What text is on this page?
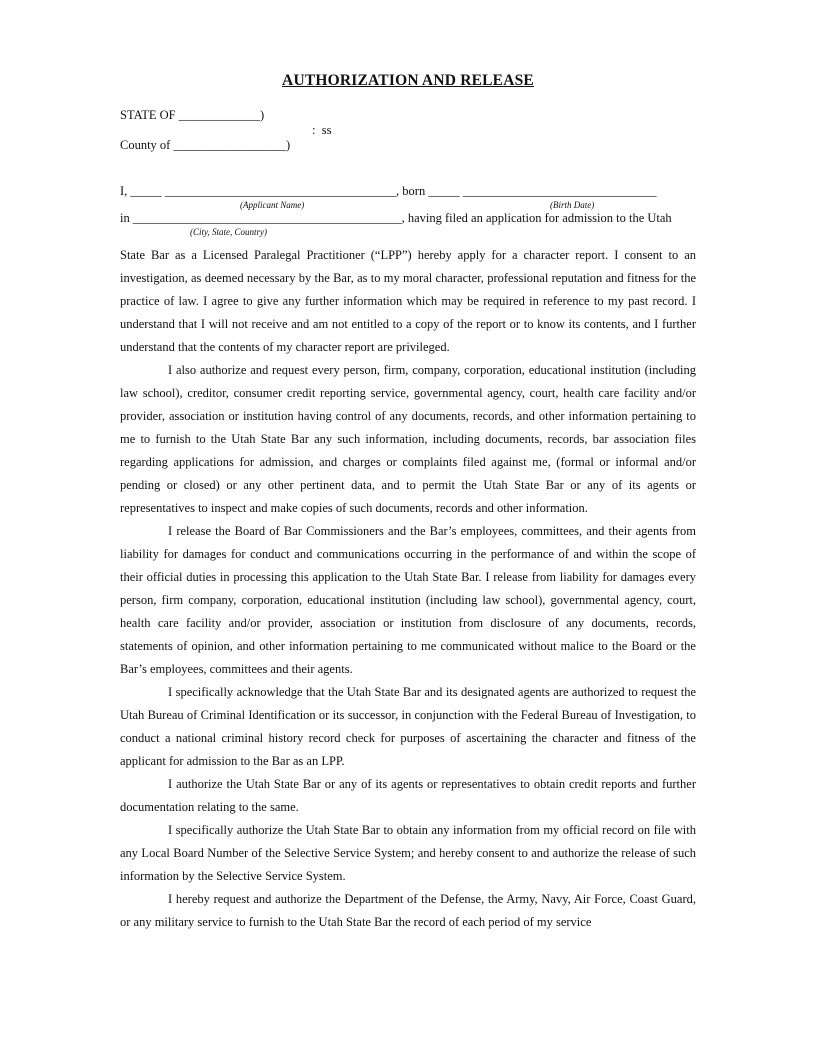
AUTHORIZATION AND RELEASE
STATE OF _____________)
:  ss
County of __________________)
I, _____ _____________________________________, born _____ _______________________________
(Applicant Name)	(Birth Date)
in ___________________________________________, having filed an application for admission to the Utah
(City, State, Country)

State Bar as a Licensed Paralegal Practitioner (“LPP”) hereby apply for a character report. I consent to an investigation, as deemed necessary by the Bar, as to my moral character, professional reputation and fitness for the practice of law. I agree to give any further information which may be required in reference to my past record. I understand that I will not receive and am not entitled to a copy of the report or to know its contents, and I further understand that the contents of my character report are privileged.

I also authorize and request every person, firm, company, corporation, educational institution (including law school), creditor, consumer credit reporting service, governmental agency, court, health care facility and/or provider, association or institution having control of any documents, records, and other information pertaining to me to furnish to the Utah State Bar any such information, including documents, records, bar association files regarding applications for admission, and charges or complaints filed against me, (formal or informal and/or pending or closed) or any other pertinent data, and to permit the Utah State Bar or any of its agents or representatives to inspect and make copies of such documents, records and other information.

I release the Board of Bar Commissioners and the Bar’s employees, committees, and their agents from liability for damages for conduct and communications occurring in the performance of and within the scope of their official duties in processing this application to the Utah State Bar. I release from liability for damages every person, firm company, corporation, educational institution (including law school), governmental agency, court, health care facility and/or provider, association or institution from disclosure of any documents, records, statements of opinion, and other information pertaining to me communicated without malice to the Board or the Bar’s employees, committees and their agents.

I specifically acknowledge that the Utah State Bar and its designated agents are authorized to request the Utah Bureau of Criminal Identification or its successor, in conjunction with the Federal Bureau of Investigation, to conduct a national criminal history record check for purposes of ascertaining the character and fitness of the applicant for admission to the Bar as an LPP.

I authorize the Utah State Bar or any of its agents or representatives to obtain credit reports and further documentation relating to the same.

I specifically authorize the Utah State Bar to obtain any information from my official record on file with any Local Board Number of the Selective Service System; and hereby consent to and authorize the release of such information by the Selective Service System.

I hereby request and authorize the Department of the Defense, the Army, Navy, Air Force, Coast Guard, or any military service to furnish to the Utah State Bar the record of each period of my service
